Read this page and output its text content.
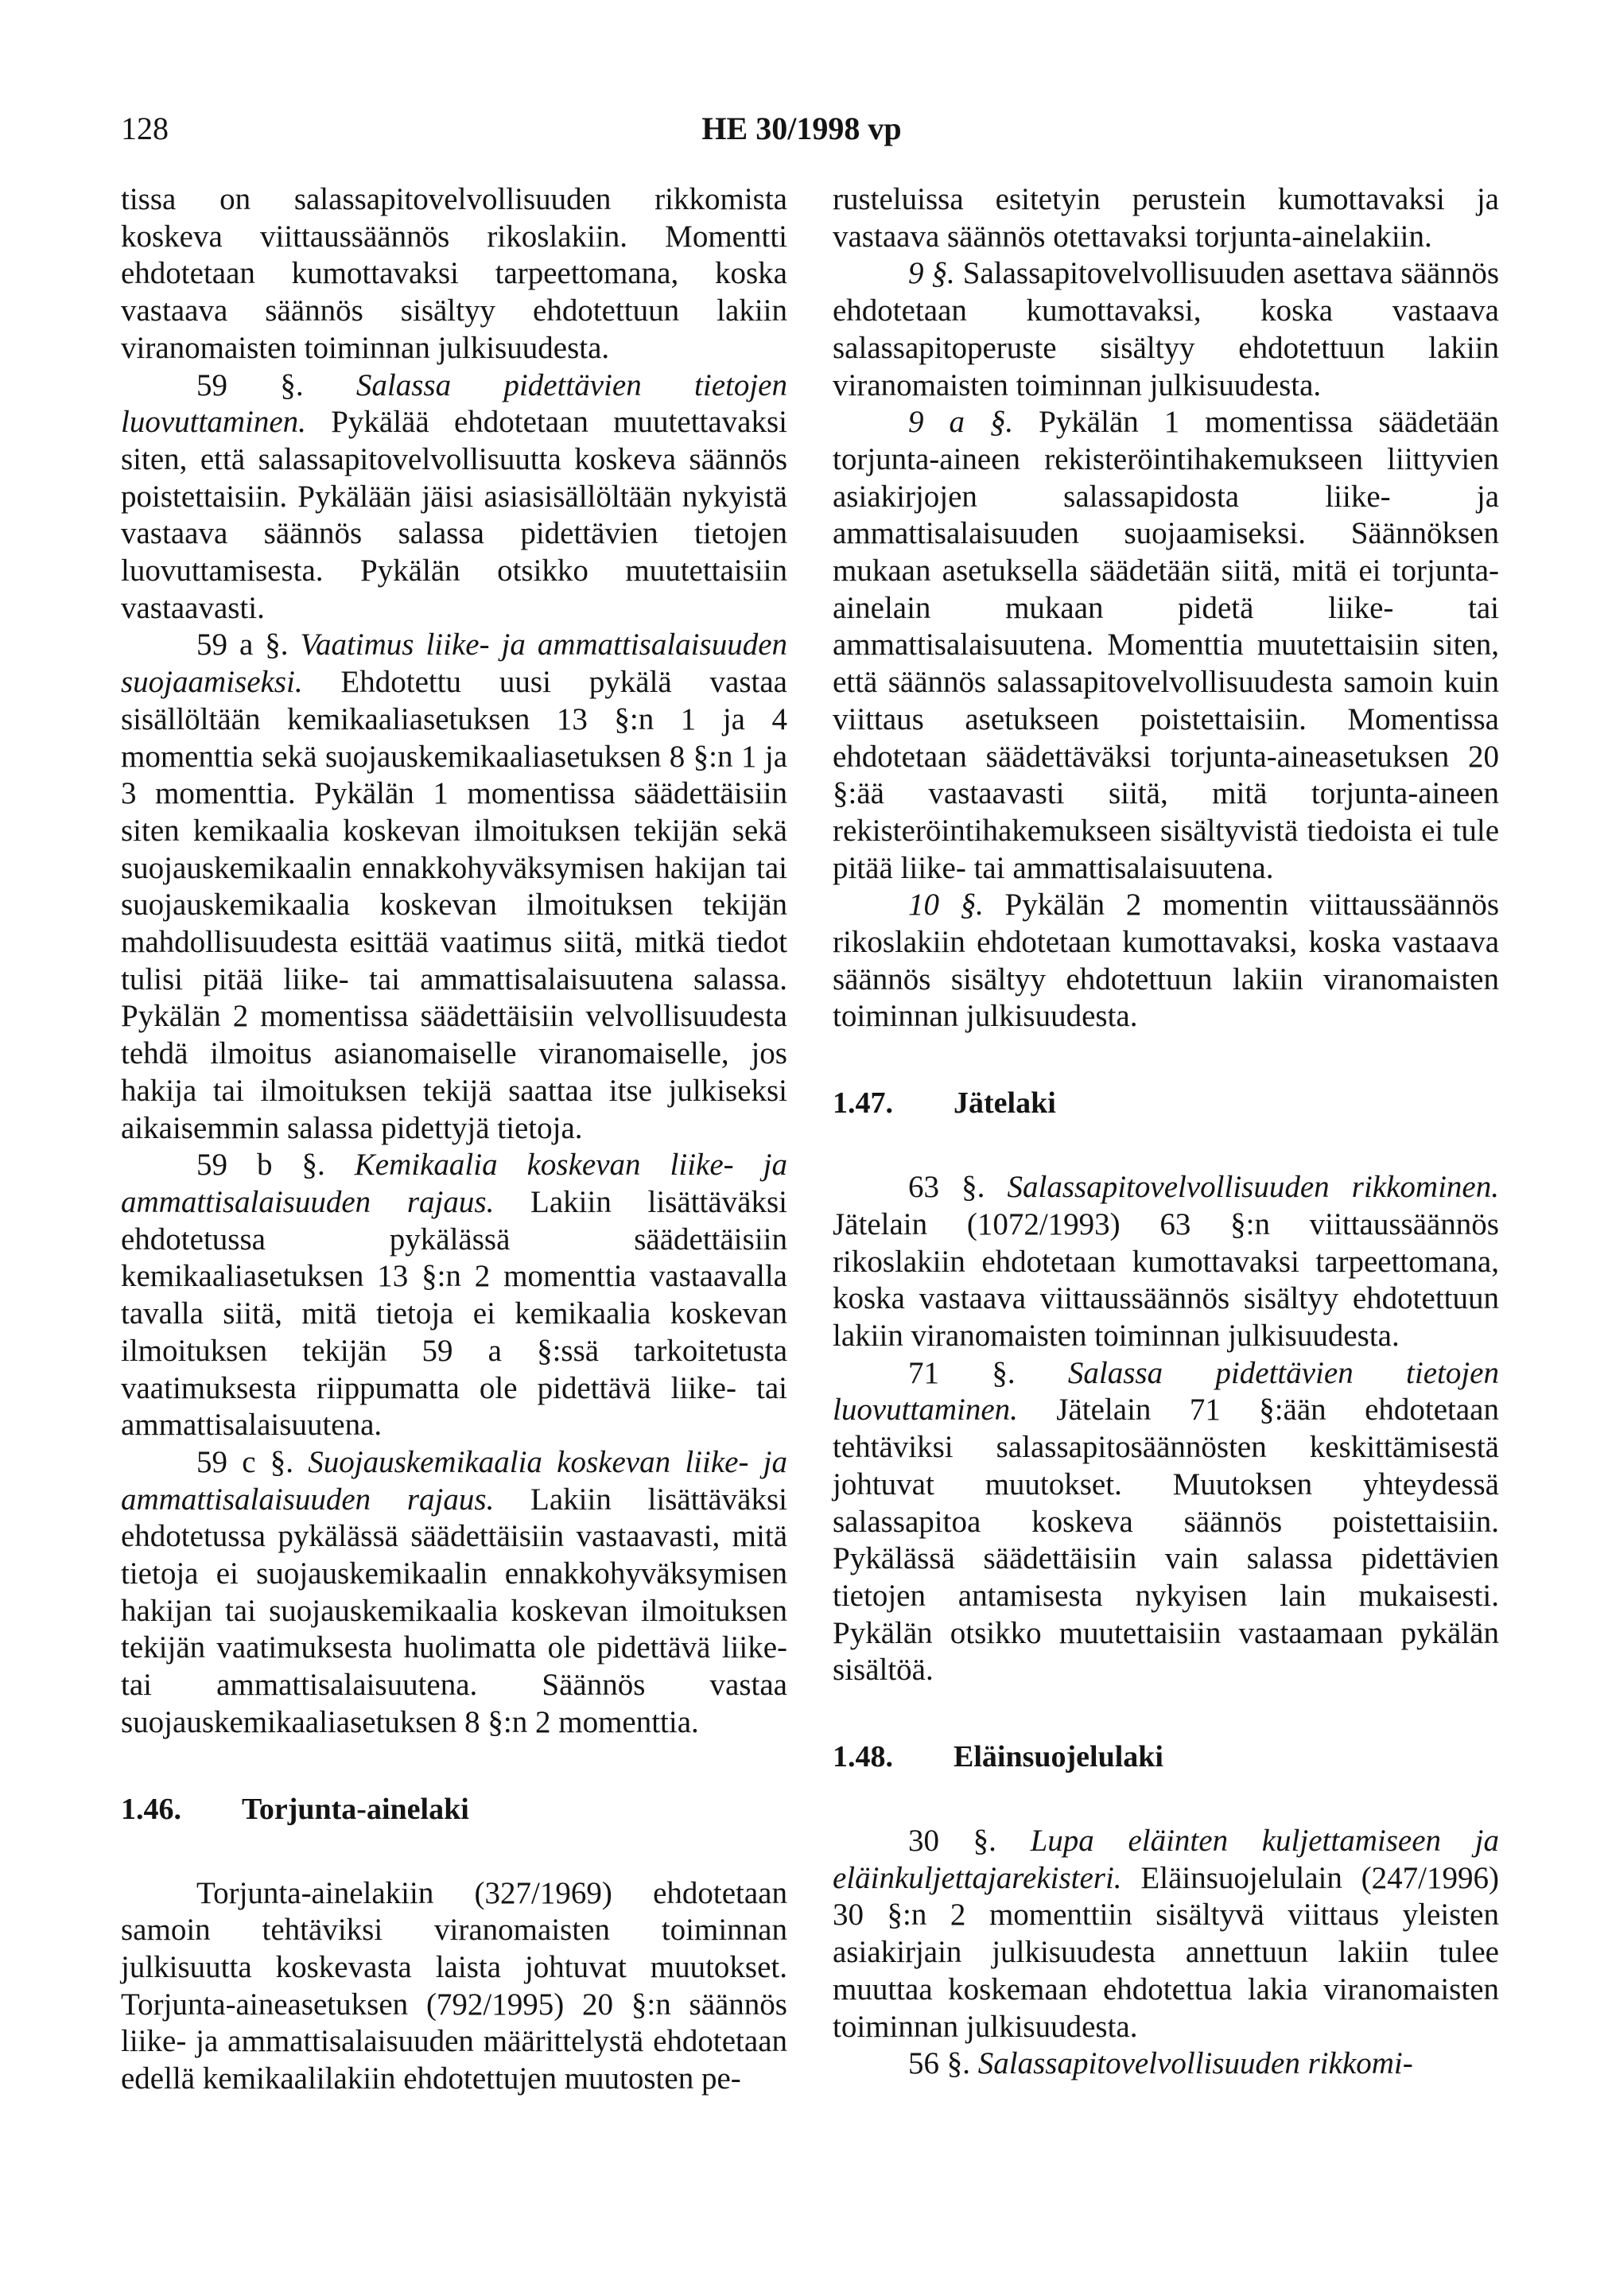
128	HE 30/1998 vp

tissa on salassapitovelvollisuuden rikkomista koskeva viittaussäännös rikoslakiin. Momentti ehdotetaan kumottavaksi tarpeettomana, koska vastaava säännös sisältyy ehdotettuun lakiin viranomaisten toiminnan julkisuudesta.

59 §. Salassa pidettävien tietojen luovuttaminen. Pykälää ehdotetaan muutettavaksi siten, että salassapitovelvollisuutta koskeva säännös poistettaisiin. Pykälään jäisi asiasisällöltään nykyistä vastaava säännös salassa pidettävien tietojen luovuttamisesta. Pykälän otsikko muutettaisiin vastaavasti.

59 a §. Vaatimus liike- ja ammattisalaisuuden suojaamiseksi. Ehdotettu uusi pykälä vastaa sisällöltään kemikaaliasetuksen 13 §:n 1 ja 4 momenttia sekä suojauskemikaaliasetuksen 8 §:n 1 ja 3 momenttia. Pykälän 1 momentissa säädettäisiin siten kemikaalia koskevan ilmoituksen tekijän sekä suojauskemikaalin ennakkohyväksymisen hakijan tai suojauskemikaalia koskevan ilmoituksen tekijän mahdollisuudesta esittää vaatimus siitä, mitkä tiedot tulisi pitää liike- tai ammattisalaisuutena salassa. Pykälän 2 momentissa säädettäisiin velvollisuudesta tehdä ilmoitus asianomaiselle viranomaiselle, jos hakija tai ilmoituksen tekijä saattaa itse julkiseksi aikaisemmin salassa pidettyjä tietoja.

59 b §. Kemikaalia koskevan liike- ja ammattisalaisuuden rajaus. Lakiin lisättäväksi ehdotetussa pykälässä säädettäisiin kemikaaliasetuksen 13 §:n 2 momenttia vastaavalla tavalla siitä, mitä tietoja ei kemikaalia koskevan ilmoituksen tekijän 59 a §:ssä tarkoitetusta vaatimuksesta riippumatta ole pidettävä liike- tai ammattisalaisuutena.

59 c §. Suojauskemikaalia koskevan liike- ja ammattisalaisuuden rajaus. Lakiin lisättäväksi ehdotetussa pykälässä säädettäisiin vastaavasti, mitä tietoja ei suojauskemikaalin ennakkohyväksymisen hakijan tai suojauskemikaalia koskevan ilmoituksen tekijän vaatimuksesta huolimatta ole pidettävä liike- tai ammattisalaisuutena. Säännös vastaa suojauskemikaaliasetuksen 8 §:n 2 momenttia.

1.46.	Torjunta-ainelaki

Torjunta-ainelakiin (327/1969) ehdotetaan samoin tehtäviksi viranomaisten toiminnan julkisuutta koskevasta laista johtuvat muutokset. Torjunta-aineasetuksen (792/1995) 20 §:n säännös liike- ja ammattisalaisuuden määrittelystä ehdotetaan edellä kemikaalilakiin ehdotettujen muutosten pe-

rusteluissa esitetyin perustein kumottavaksi ja vastaava säännös otettavaksi torjunta-ainelakiin.

9 §. Salassapitovelvollisuuden asettava säännös ehdotetaan kumottavaksi, koska vastaava salassapitoperuste sisältyy ehdotettuun lakiin viranomaisten toiminnan julkisuudesta.

9 a §. Pykälän 1 momentissa säädetään torjunta-aineen rekisteröintihakemukseen liittyvien asiakirjojen salassapidosta liike- ja ammattisalaisuuden suojaamiseksi. Säännöksen mukaan asetuksella säädetään siitä, mitä ei torjunta-ainelain mukaan pidetä liike- tai ammattisalaisuutena. Momenttia muutettaisiin siten, että säännös salassapitovelvollisuudesta samoin kuin viittaus asetukseen poistettaisiin. Momentissa ehdotetaan säädettäväksi torjunta-aineasetuksen 20 §:ää vastaavasti siitä, mitä torjunta-aineen rekisteröintihakemukseen sisältyvistä tiedoista ei tule pitää liike- tai ammattisalaisuutena.

10 §. Pykälän 2 momentin viittaussäännös rikoslakiin ehdotetaan kumottavaksi, koska vastaava säännös sisältyy ehdotettuun lakiin viranomaisten toiminnan julkisuudesta.

1.47.	Jätelaki

63 §. Salassapitovelvollisuuden rikkominen. Jätelain (1072/1993) 63 §:n viittaussäännös rikoslakiin ehdotetaan kumottavaksi tarpeettomana, koska vastaava viittaussäännös sisältyy ehdotettuun lakiin viranomaisten toiminnan julkisuudesta.

71 §. Salassa pidettävien tietojen luovuttaminen. Jätelain 71 §:ään ehdotetaan tehtäviksi salassapitosäännösten keskittämisestä johtuvat muutokset. Muutoksen yhteydessä salassapitoa koskeva säännös poistettaisiin. Pykälässä säädettäisiin vain salassa pidettävien tietojen antamisesta nykyisen lain mukaisesti. Pykälän otsikko muutettaisiin vastaamaan pykälän sisältöä.

1.48.	Eläinsuojelulaki

30 §. Lupa eläinten kuljettamiseen ja eläinkuljettajarekisteri. Eläinsuojelulain (247/1996) 30 §:n 2 momenttiin sisältyvä viittaus yleisten asiakirjain julkisuudesta annettuun lakiin tulee muuttaa koskemaan ehdotettua lakia viranomaisten toiminnan julkisuudesta.

56 §. Salassapitovelvollisuuden rikkomi-
